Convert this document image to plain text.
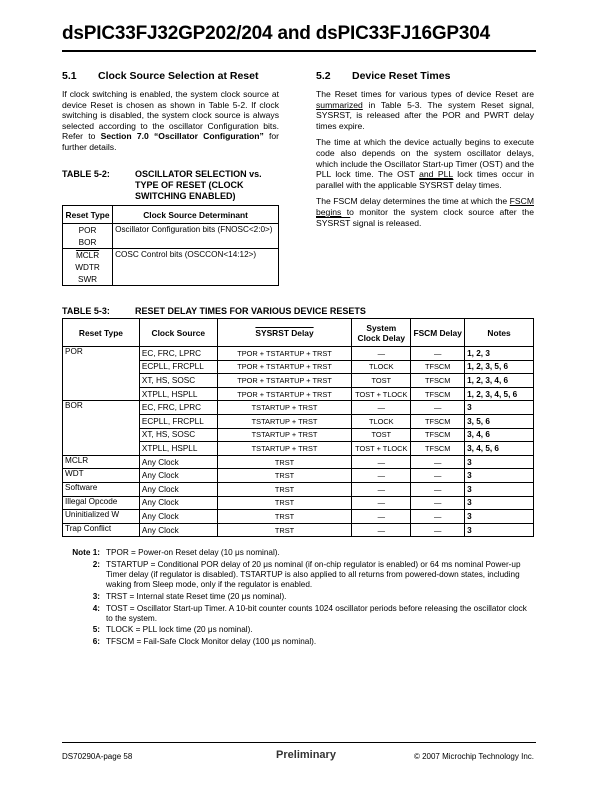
dsPIC33FJ32GP202/204 and dsPIC33FJ16GP304
5.1 Clock Source Selection at Reset
If clock switching is enabled, the system clock source at device Reset is chosen as shown in Table 5-2. If clock switching is disabled, the system clock source is always selected according to the oscillator Configuration bits. Refer to Section 7.0 “Oscillator Configuration” for further details.
TABLE 5-2:	OSCILLATOR SELECTION vs. TYPE OF RESET (CLOCK SWITCHING ENABLED)
Reset Type	Clock Source Determinant
POR	Oscillator Configuration bits (FNOSC<2:0>)
BOR	
MCLR	COSC Control bits (OSCCON<14:12>)
WDTR	
SWR	
5.2 Device Reset Times
The Reset times for various types of device Reset are summarized in Table 5-3. The system Reset signal, SYSRST, is released after the POR and PWRT delay times expire.
The time at which the device actually begins to execute code also depends on the system oscillator delays, which include the Oscillator Start-up Timer (OST) and the PLL lock time. The OST and PLL lock times occur in parallel with the applicable SYSRST delay times.
The FSCM delay determines the time at which the FSCM begins to monitor the system clock source after the SYSRST signal is released.
TABLE 5-3:	RESET DELAY TIMES FOR VARIOUS DEVICE RESETS
Reset Type	Clock Source	SYSRST Delay	System Clock Delay	FSCM Delay	Notes
POR	EC, FRC, LPRC	TPOR + TSTARTUP + TRST	—	—	1, 2, 3
	ECPLL, FRCPLL	TPOR + TSTARTUP + TRST	TLOCK	TFSCM	1, 2, 3, 5, 6
	XT, HS, SOSC	TPOR + TSTARTUP + TRST	TOST	TFSCM	1, 2, 3, 4, 6
	XTPLL, HSPLL	TPOR + TSTARTUP + TRST	TOST + TLOCK	TFSCM	1, 2, 3, 4, 5, 6
BOR	EC, FRC, LPRC	TSTARTUP + TRST	—	—	3
	ECPLL, FRCPLL	TSTARTUP + TRST	TLOCK	TFSCM	3, 5, 6
	XT, HS, SOSC	TSTARTUP + TRST	TOST	TFSCM	3, 4, 6
	XTPLL, HSPLL	TSTARTUP + TRST	TOST + TLOCK	TFSCM	3, 4, 5, 6
MCLR	Any Clock	TRST	—	—	3
WDT	Any Clock	TRST	—	—	3
Software	Any Clock	TRST	—	—	3
Illegal Opcode	Any Clock	TRST	—	—	3
Uninitialized W	Any Clock	TRST	—	—	3
Trap Conflict	Any Clock	TRST	—	—	3
Note 1: TPOR = Power-on Reset delay (10 μs nominal).
2: TSTARTUP = Conditional POR delay of 20 μs nominal (if on-chip regulator is enabled) or 64 ms nominal Power-up Timer delay (if regulator is disabled). TSTARTUP is also applied to all returns from powered-down states, including waking from Sleep mode, only if the regulator is enabled.
3: TRST = Internal state Reset time (20 μs nominal).
4: TOST = Oscillator Start-up Timer. A 10-bit counter counts 1024 oscillator periods before releasing the oscillator clock to the system.
5: TLOCK = PLL lock time (20 μs nominal).
6: TFSCM = Fail-Safe Clock Monitor delay (100 μs nominal).
DS70290A-page 58	Preliminary	© 2007 Microchip Technology Inc.
